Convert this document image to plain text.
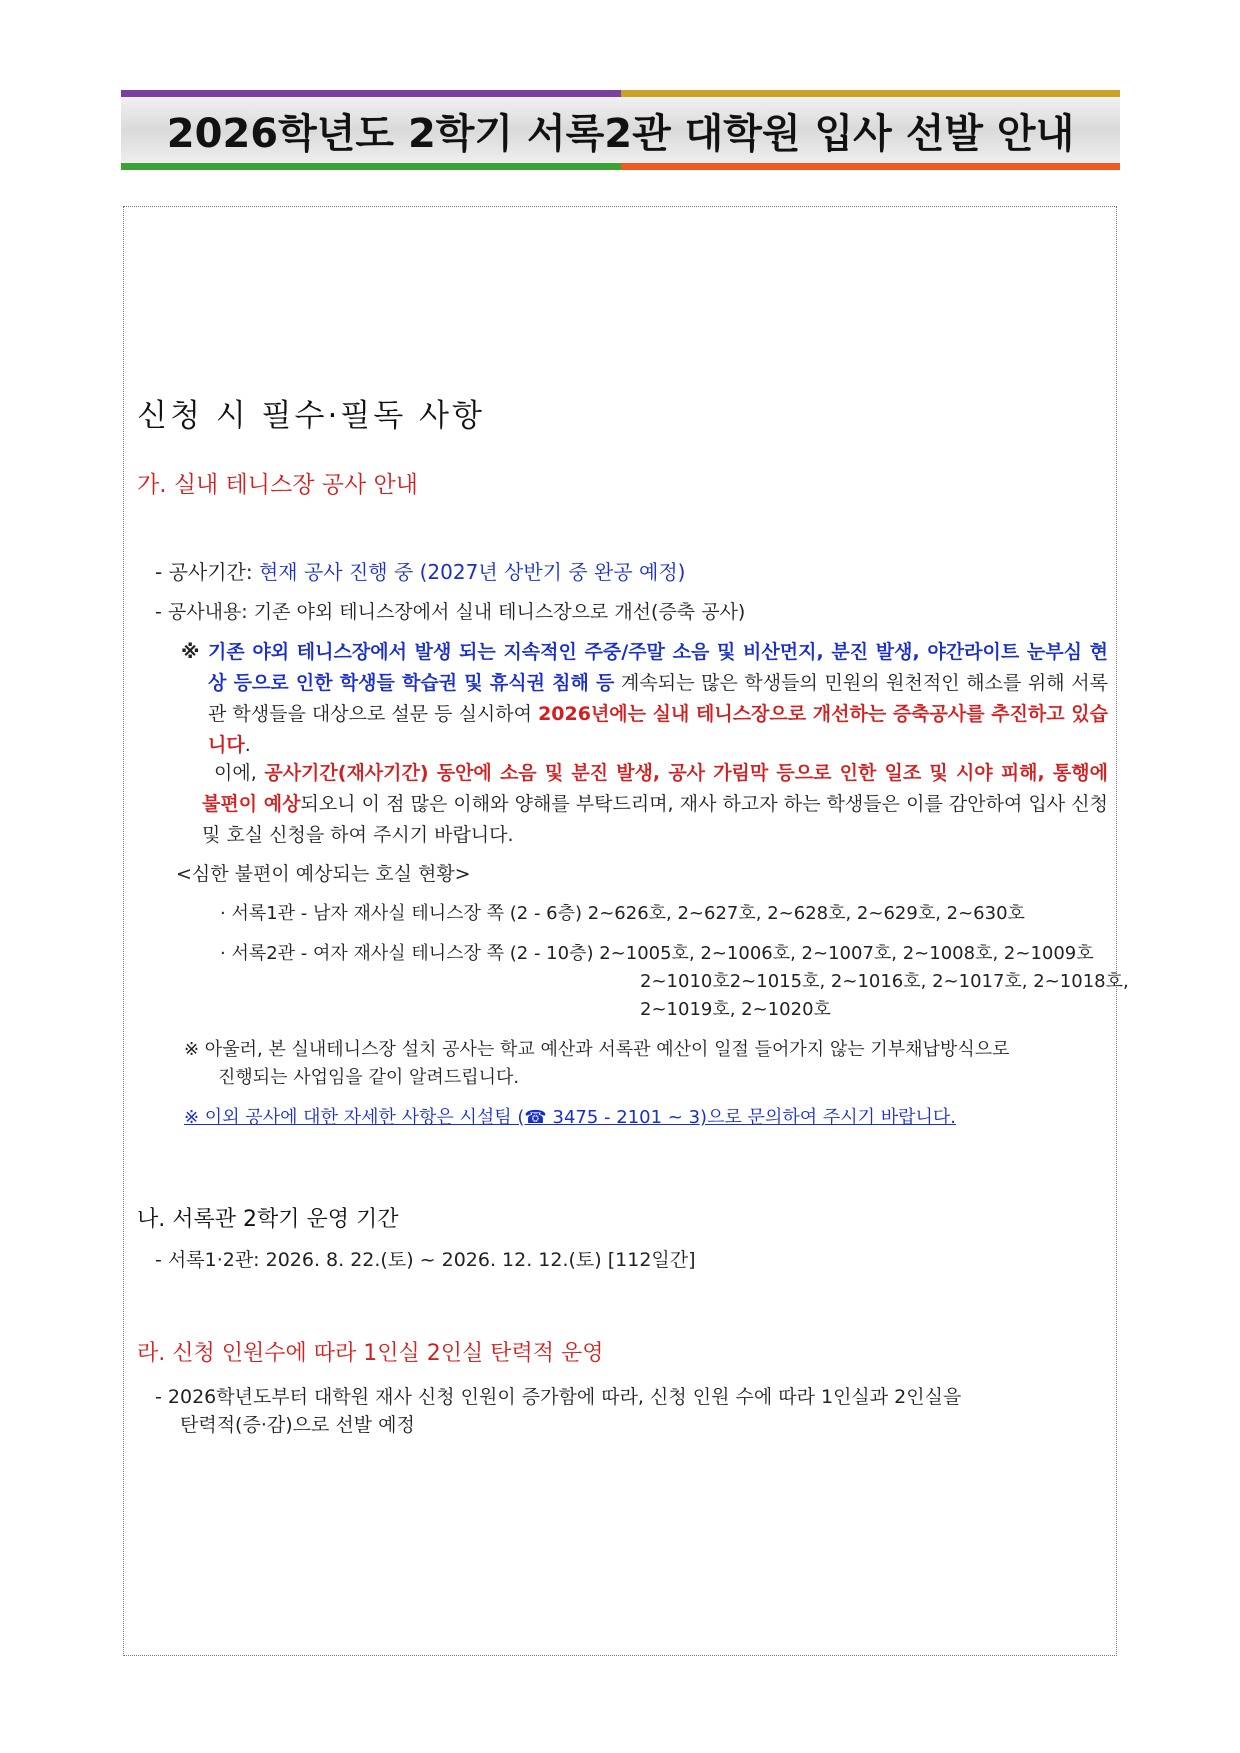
2026학년도 2학기 서록2관 대학원 입사 선발 안내
신청 시 필수·필독 사항
가. 실내 테니스장 공사 안내
- 공사기간: 현재 공사 진행 중 (2027년 상반기 중 완공 예정)
- 공사내용: 기존 야외 테니스장에서 실내 테니스장으로 개선(증축 공사)
※ 기존 야외 테니스장에서 발생 되는 지속적인 주중/주말 소음 및 비산먼지, 분진 발생, 야간라이트 눈부심 현상 등으로 인한 학생들 학습권 및 휴식권 침해 등 계속되는 많은 학생들의 민원의 원천적인 해소를 위해 서록관 학생들을 대상으로 설문 등 실시하여 2026년에는 실내 테니스장으로 개선하는 증축공사를 추진하고 있습니다.
이에, 공사기간(재사기간) 동안에 소음 및 분진 발생, 공사 가림막 등으로 인한 일조 및 시야 피해, 통행에 불편이 예상되오니 이 점 많은 이해와 양해를 부탁드리며, 재사 하고자 하는 학생들은 이를 감안하여 입사 신청 및 호실 신청을 하여 주시기 바랍니다.
<심한 불편이 예상되는 호실 현황>
· 서록1관 - 남자 재사실 테니스장 쪽 (2 - 6층) 2~626호, 2~627호, 2~628호, 2~629호, 2~630호
· 서록2관 - 여자 재사실 테니스장 쪽 (2 - 10층) 2~1005호, 2~1006호, 2~1007호, 2~1008호, 2~1009호
2~1010호2~1015호, 2~1016호, 2~1017호, 2~1018호,
2~1019호, 2~1020호
※ 아울러, 본 실내테니스장 설치 공사는 학교 예산과 서록관 예산이 일절 들어가지 않는 기부채납방식으로
진행되는 사업임을 같이 알려드립니다.
※ 이외 공사에 대한 자세한 사항은 시설팀 (☎ 3475 - 2101 ~ 3)으로 문의하여 주시기 바랍니다.
나. 서록관 2학기 운영 기간
- 서록1·2관: 2026. 8. 22.(토) ~ 2026. 12. 12.(토) [112일간]
라. 신청 인원수에 따라 1인실 2인실 탄력적 운영
- 2026학년도부터 대학원 재사 신청 인원이 증가함에 따라, 신청 인원 수에 따라 1인실과 2인실을
탄력적(증·감)으로 선발 예정
